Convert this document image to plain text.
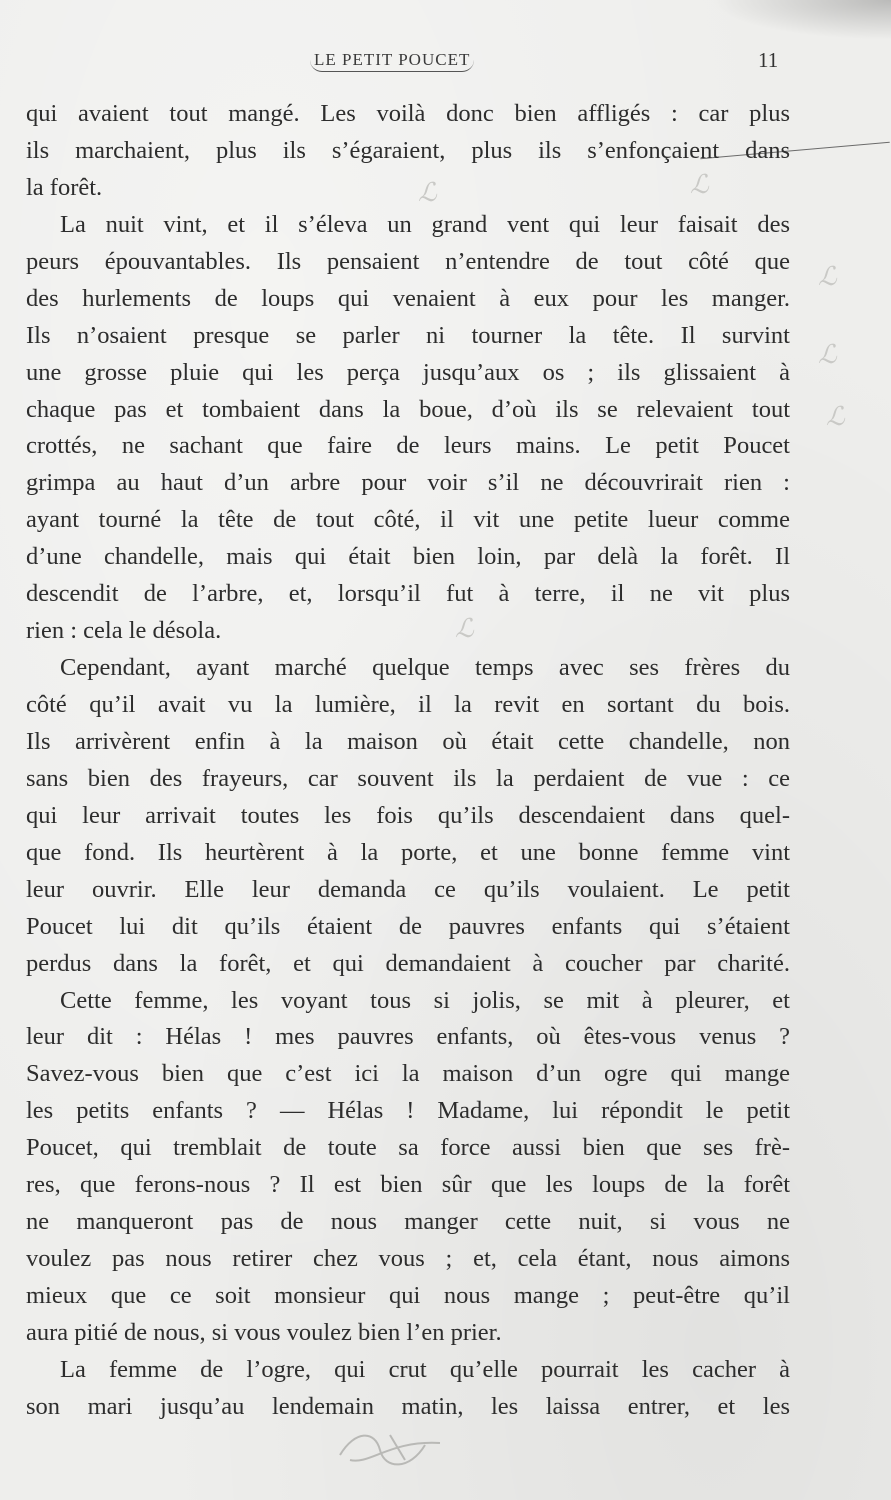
LE PETIT POUCET	11
ℒ	ℒ
ℒ
ℒ
ℒ
ℒ
qui avaient tout mangé. Les voilà donc bien affligés : car plus
ils marchaient, plus ils s’égaraient, plus ils s’enfonçaient dans
la forêt.
La nuit vint, et il s’éleva un grand vent qui leur faisait des
peurs épouvantables. Ils pensaient n’entendre de tout côté que
des hurlements de loups qui venaient à eux pour les manger.
Ils n’osaient presque se parler ni tourner la tête. Il survint
une grosse pluie qui les perça jusqu’aux os ; ils glissaient à
chaque pas et tombaient dans la boue, d’où ils se relevaient tout
crottés, ne sachant que faire de leurs mains. Le petit Poucet
grimpa au haut d’un arbre pour voir s’il ne découvrirait rien :
ayant tourné la tête de tout côté, il vit une petite lueur comme
d’une chandelle, mais qui était bien loin, par delà la forêt. Il
descendit de l’arbre, et, lorsqu’il fut à terre, il ne vit plus
rien : cela le désola.
Cependant, ayant marché quelque temps avec ses frères du
côté qu’il avait vu la lumière, il la revit en sortant du bois.
Ils arrivèrent enfin à la maison où était cette chandelle, non
sans bien des frayeurs, car souvent ils la perdaient de vue : ce
qui leur arrivait toutes les fois qu’ils descendaient dans quel-
que fond. Ils heurtèrent à la porte, et une bonne femme vint
leur ouvrir. Elle leur demanda ce qu’ils voulaient. Le petit
Poucet lui dit qu’ils étaient de pauvres enfants qui s’étaient
perdus dans la forêt, et qui demandaient à coucher par charité.
Cette femme, les voyant tous si jolis, se mit à pleurer, et
leur dit : Hélas ! mes pauvres enfants, où êtes-vous venus ?
Savez-vous bien que c’est ici la maison d’un ogre qui mange
les petits enfants ? — Hélas ! Madame, lui répondit le petit
Poucet, qui tremblait de toute sa force aussi bien que ses frè-
res, que ferons-nous ? Il est bien sûr que les loups de la forêt
ne manqueront pas de nous manger cette nuit, si vous ne
voulez pas nous retirer chez vous ; et, cela étant, nous aimons
mieux que ce soit monsieur qui nous mange ; peut-être qu’il
aura pitié de nous, si vous voulez bien l’en prier.
La femme de l’ogre, qui crut qu’elle pourrait les cacher à
son mari jusqu’au lendemain matin, les laissa entrer, et les
